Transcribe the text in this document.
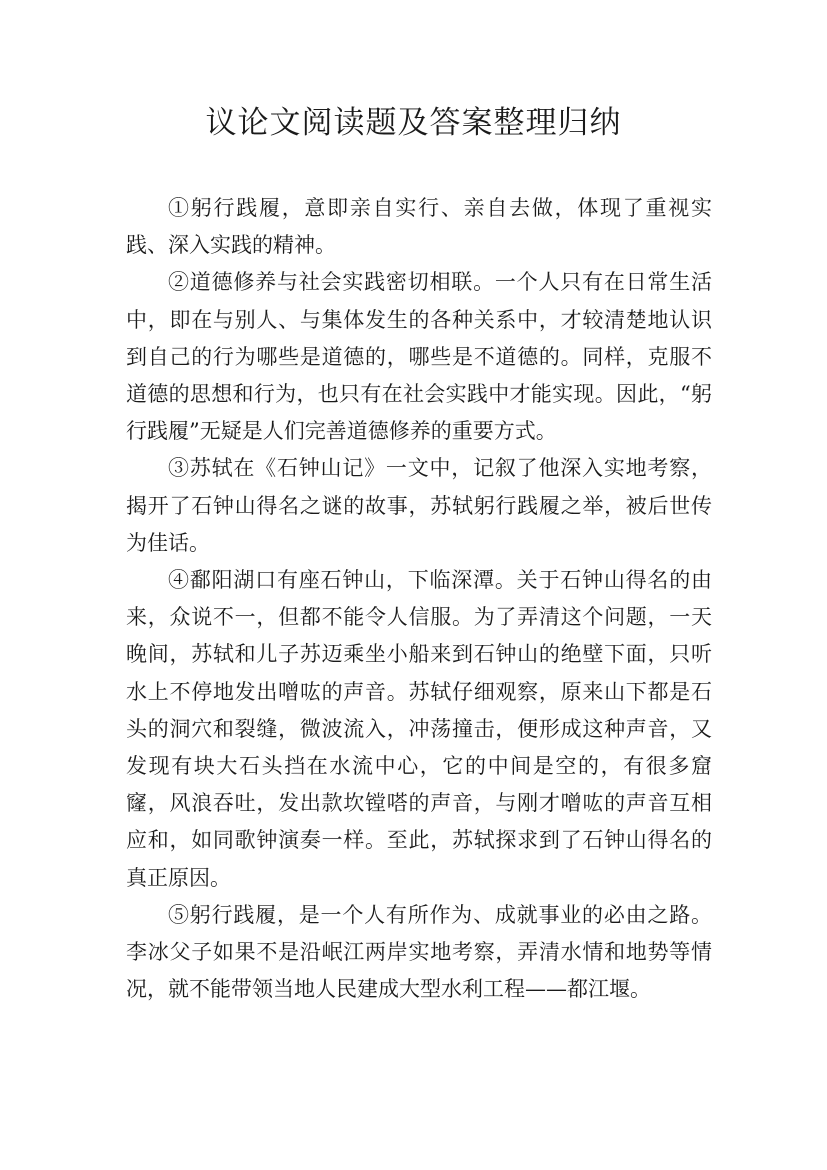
议论文阅读题及答案整理归纳

①躬行践履，意即亲自实行、亲自去做，体现了重视实践、深入实践的精神。

②道德修养与社会实践密切相联。一个人只有在日常生活中，即在与别人、与集体发生的各种关系中，才较清楚地认识到自己的行为哪些是道德的，哪些是不道德的。同样，克服不道德的思想和行为，也只有在社会实践中才能实现。因此，“躬行践履”无疑是人们完善道德修养的重要方式。

③苏轼在《石钟山记》一文中，记叙了他深入实地考察，揭开了石钟山得名之谜的故事，苏轼躬行践履之举，被后世传为佳话。

④鄱阳湖口有座石钟山，下临深潭。关于石钟山得名的由来，众说不一，但都不能令人信服。为了弄清这个问题，一天晚间，苏轼和儿子苏迈乘坐小船来到石钟山的绝壁下面，只听水上不停地发出噌吰的声音。苏轼仔细观察，原来山下都是石头的洞穴和裂缝，微波流入，冲荡撞击，便形成这种声音，又发现有块大石头挡在水流中心，它的中间是空的，有很多窟窿，风浪吞吐，发出款坎镗嗒的声音，与刚才噌吰的声音互相应和，如同歌钟演奏一样。至此，苏轼探求到了石钟山得名的真正原因。

⑤躬行践履，是一个人有所作为、成就事业的必由之路。李冰父子如果不是沿岷江两岸实地考察，弄清水情和地势等情况，就不能带领当地人民建成大型水利工程——都江堰。
